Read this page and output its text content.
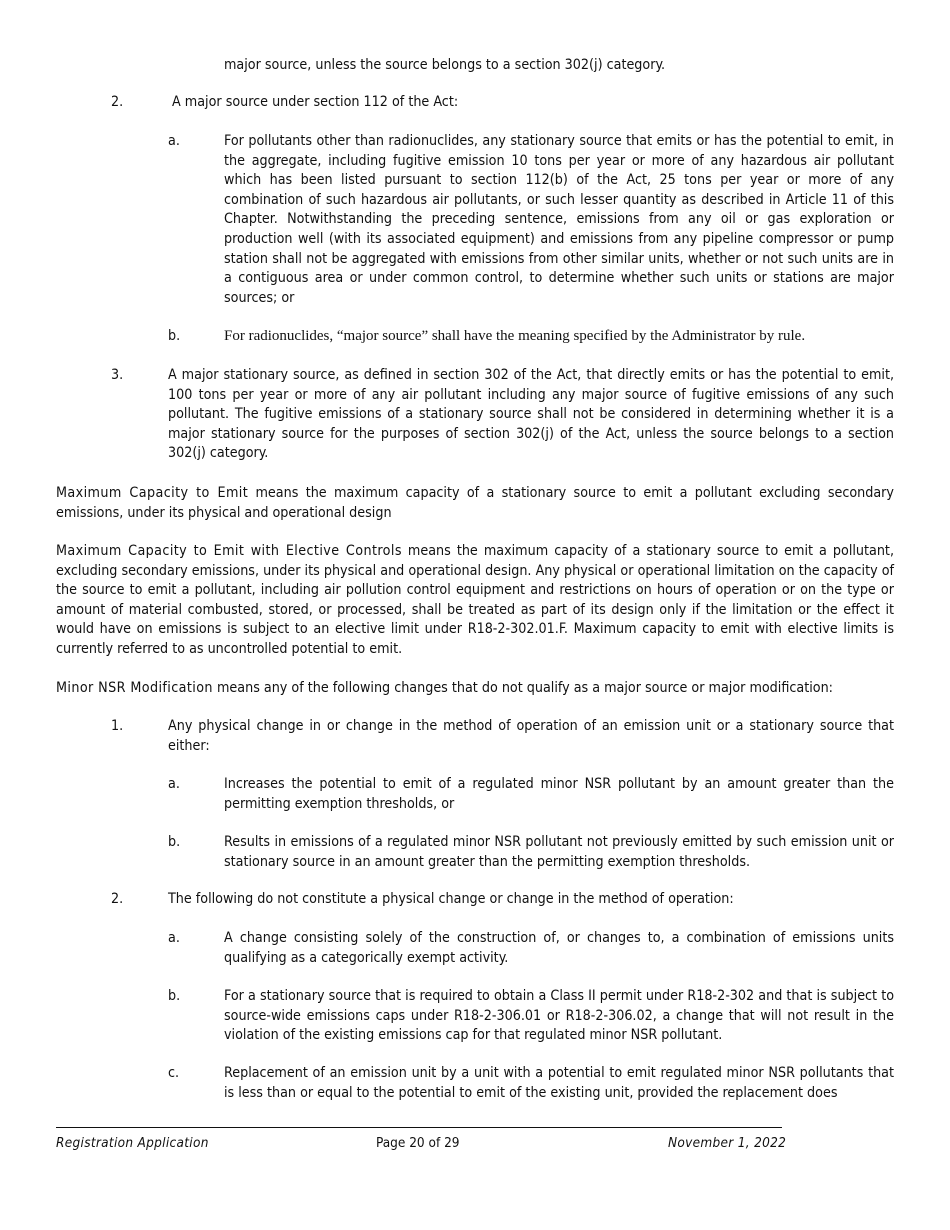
major source, unless the source belongs to a section 302(j) category.

2.	A major source under section 112 of the Act:

a.	For pollutants other than radionuclides, any stationary source that emits or has the potential to emit, in the aggregate, including fugitive emission 10 tons per year or more of any hazardous air pollutant which has been listed pursuant to section 112(b) of the Act, 25 tons per year or more of any combination of such hazardous air pollutants, or such lesser quantity as described in Article 11 of this Chapter. Notwithstanding the preceding sentence, emissions from any oil or gas exploration or production well (with its associated equipment) and emissions from any pipeline compressor or pump station shall not be aggregated with emissions from other similar units, whether or not such units are in a contiguous area or under common control, to determine whether such units or stations are major sources; or

b.	For radionuclides, “major source” shall have the meaning specified by the Administrator by rule.

3.	A major stationary source, as defined in section 302 of the Act, that directly emits or has the potential to emit, 100 tons per year or more of any air pollutant including any major source of fugitive emissions of any such pollutant. The fugitive emissions of a stationary source shall not be considered in determining whether it is a major stationary source for the purposes of section 302(j) of the Act, unless the source belongs to a section 302(j) category.

Maximum Capacity to Emit means the maximum capacity of a stationary source to emit a pollutant excluding secondary emissions, under its physical and operational design

Maximum Capacity to Emit with Elective Controls means the maximum capacity of a stationary source to emit a pollutant, excluding secondary emissions, under its physical and operational design. Any physical or operational limitation on the capacity of the source to emit a pollutant, including air pollution control equipment and restrictions on hours of operation or on the type or amount of material combusted, stored, or processed, shall be treated as part of its design only if the limitation or the effect it would have on emissions is subject to an elective limit under R18-2-302.01.F. Maximum capacity to emit with elective limits is currently referred to as uncontrolled potential to emit.

Minor NSR Modification means any of the following changes that do not qualify as a major source or major modification:

1.	Any physical change in or change in the method of operation of an emission unit or a stationary source that either:

a.	Increases the potential to emit of a regulated minor NSR pollutant by an amount greater than the permitting exemption thresholds, or

b.	Results in emissions of a regulated minor NSR pollutant not previously emitted by such emission unit or stationary source in an amount greater than the permitting exemption thresholds.

2.	The following do not constitute a physical change or change in the method of operation:

a.	A change consisting solely of the construction of, or changes to, a combination of emissions units qualifying as a categorically exempt activity.

b.	For a stationary source that is required to obtain a Class II permit under R18-2-302 and that is subject to source-wide emissions caps under R18-2-306.01 or R18-2-306.02, a change that will not result in the violation of the existing emissions cap for that regulated minor NSR pollutant.

c.	Replacement of an emission unit by a unit with a potential to emit regulated minor NSR pollutants that is less than or equal to the potential to emit of the existing unit, provided the replacement does

Registration Application	Page 20 of 29	November 1, 2022
